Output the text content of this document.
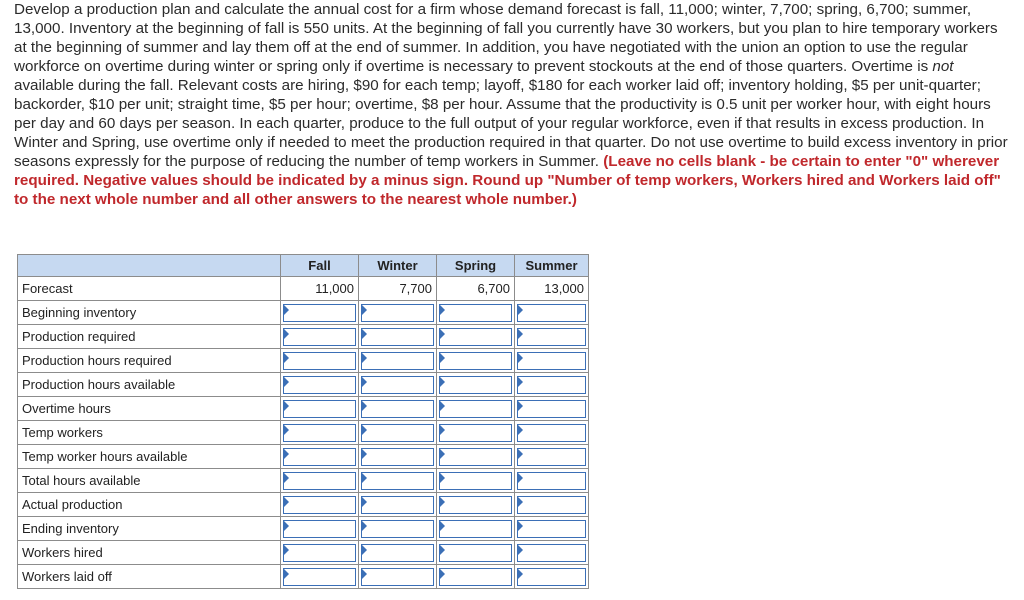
Develop a production plan and calculate the annual cost for a firm whose demand forecast is fall, 11,000; winter, 7,700; spring, 6,700; summer, 13,000. Inventory at the beginning of fall is 550 units. At the beginning of fall you currently have 30 workers, but you plan to hire temporary workers at the beginning of summer and lay them off at the end of summer. In addition, you have negotiated with the union an option to use the regular workforce on overtime during winter or spring only if overtime is necessary to prevent stockouts at the end of those quarters. Overtime is not available during the fall. Relevant costs are hiring, $90 for each temp; layoff, $180 for each worker laid off; inventory holding, $5 per unit-quarter; backorder, $10 per unit; straight time, $5 per hour; overtime, $8 per hour. Assume that the productivity is 0.5 unit per worker hour, with eight hours per day and 60 days per season. In each quarter, produce to the full output of your regular workforce, even if that results in excess production. In Winter and Spring, use overtime only if needed to meet the production required in that quarter. Do not use overtime to build excess inventory in prior seasons expressly for the purpose of reducing the number of temp workers in Summer. (Leave no cells blank - be certain to enter "0" wherever required. Negative values should be indicated by a minus sign. Round up "Number of temp workers, Workers hired and Workers laid off" to the next whole number and all other answers to the nearest whole number.)
	Fall	Winter	Spring	Summer
Forecast	11,000	7,700	6,700	13,000
Beginning inventory	

Production required	

Production hours required	

Production hours available	

Overtime hours	

Temp workers	

Temp worker hours available	

Total hours available	

Actual production	

Ending inventory	

Workers hired	

Workers laid off	
